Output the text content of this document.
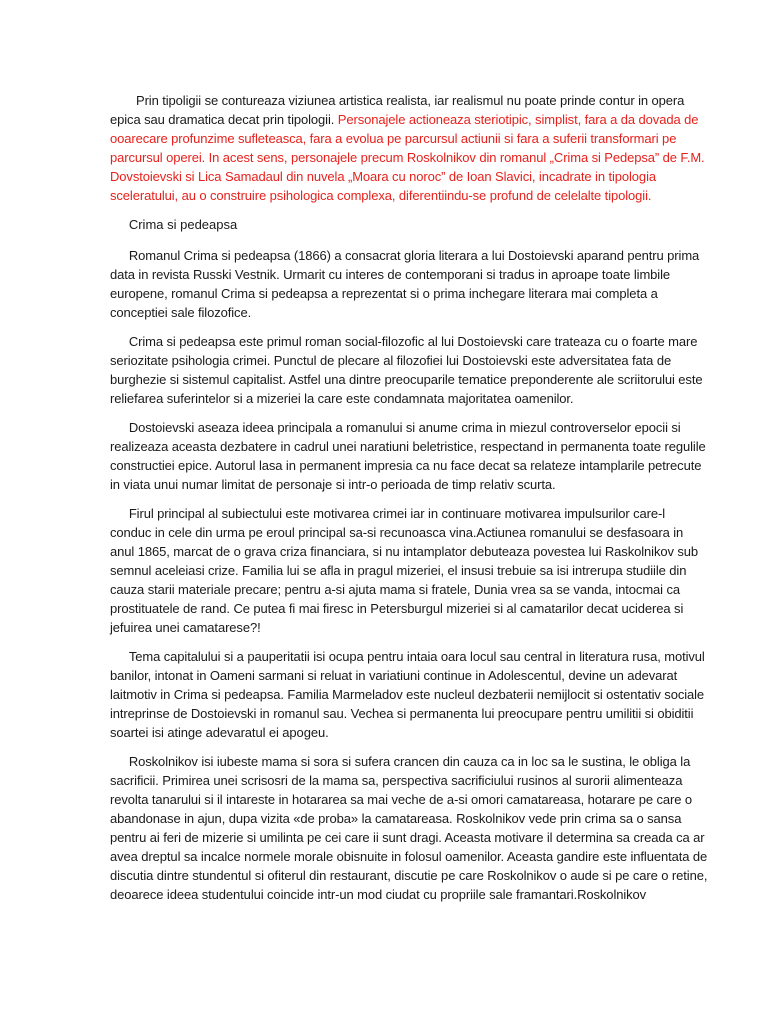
Prin tipoligii se contureaza viziunea artistica realista, iar realismul nu poate prinde contur in opera epica sau dramatica decat prin tipologii. Personajele actioneaza steriotipic, simplist, fara a da dovada de ooarecare profunzime sufleteasca, fara a evolua pe parcursul actiunii si fara a suferii transformari pe parcursul operei. In acest sens, personajele precum Roskolnikov din romanul „Crima si Pedepsa” de F.M. Dovstoievski si Lica Samadaul din nuvela „Moara cu noroc” de Ioan Slavici, incadrate in tipologia sceleratului, au o construire psihologica complexa, diferentiindu-se profund de celelalte tipologii.

Crima si pedeapsa

Romanul Crima si pedeapsa (1866) a consacrat gloria literara a lui Dostoievski aparand pentru prima data in revista Russki Vestnik. Urmarit cu interes de contemporani si tradus in aproape toate limbile europene, romanul Crima si pedeapsa a reprezentat si o prima inchegare literara mai completa a conceptiei sale filozofice.

Crima si pedeapsa este primul roman social-filozofic al lui Dostoievski care trateaza cu o foarte mare seriozitate psihologia crimei. Punctul de plecare al filozofiei lui Dostoievski este adversitatea fata de burghezie si sistemul capitalist. Astfel una dintre preocuparile tematice preponderente ale scriitorului este reliefarea suferintelor si a mizeriei la care este condamnata majoritatea oamenilor.

Dostoievski aseaza ideea principala a romanului si anume crima in miezul controverselor epocii si realizeaza aceasta dezbatere in cadrul unei naratiuni beletristice, respectand in permanenta toate regulile constructiei epice. Autorul lasa in permanent impresia ca nu face decat sa relateze intamplarile petrecute in viata unui numar limitat de personaje si intr-o perioada de timp relativ scurta.

Firul principal al subiectului este motivarea crimei iar in continuare motivarea impulsurilor care-l conduc in cele din urma pe eroul principal sa-si recunoasca vina.Actiunea romanului se desfasoara in anul 1865, marcat de o grava criza financiara, si nu intamplator debuteaza povestea lui Raskolnikov sub semnul aceleiasi crize. Familia lui se afla in pragul mizeriei, el insusi trebuie sa isi intrerupa studiile din cauza starii materiale precare; pentru a-si ajuta mama si fratele, Dunia vrea sa se vanda, intocmai ca prostituatele de rand. Ce putea fi mai firesc in Petersburgul mizeriei si al camatarilor decat uciderea si jefuirea unei camatarese?!

Tema capitalului si a pauperitatii isi ocupa pentru intaia oara locul sau central in literatura rusa, motivul banilor, intonat in Oameni sarmani si reluat in variatiuni continue in Adolescentul, devine un adevarat laitmotiv in Crima si pedeapsa. Familia Marmeladov este nucleul dezbaterii nemijlocit si ostentativ sociale intreprinse de Dostoievski in romanul sau. Vechea si permanenta lui preocupare pentru umilitii si obiditii soartei isi atinge adevaratul ei apogeu.

Roskolnikov isi iubeste mama si sora si sufera crancen din cauza ca in loc sa le sustina, le obliga la sacrificii. Primirea unei scrisosri de la mama sa, perspectiva sacrificiului rusinos al surorii alimenteaza revolta tanarului si il intareste in hotararea sa mai veche de a-si omori camatareasa, hotarare pe care o abandonase in ajun, dupa vizita «de proba» la camatareasa. Roskolnikov vede prin crima sa o sansa pentru ai feri de mizerie si umilinta pe cei care ii sunt dragi. Aceasta motivare il determina sa creada ca ar avea dreptul sa incalce normele morale obisnuite in folosul oamenilor. Aceasta gandire este influentata de discutia dintre stundentul si ofiterul din restaurant, discutie pe care Roskolnikov o aude si pe care o retine, deoarece ideea studentului coincide intr-un mod ciudat cu propriile sale framantari.Roskolnikov
